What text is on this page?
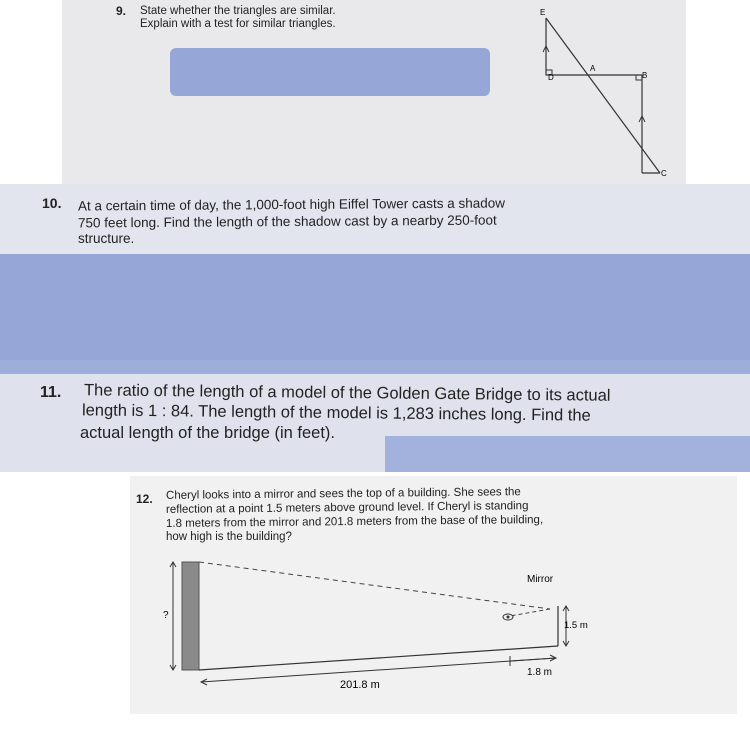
9. State whether the triangles are similar.
Explain with a test for similar triangles.
E
A
B
D
C
10. At a certain time of day, the 1,000-foot high Eiffel Tower casts a shadow
750 feet long. Find the length of the shadow cast by a nearby 250-foot
structure.
11. The ratio of the length of a model of the Golden Gate Bridge to its actual
length is 1 : 84. The length of the model is 1,283 inches long. Find the
actual length of the bridge (in feet).
12. Cheryl looks into a mirror and sees the top of a building. She sees the
reflection at a point 1.5 meters above ground level. If Cheryl is standing
1.8 meters from the mirror and 201.8 meters from the base of the building,
how high is the building?
?
Mirror
1.5 m
1.8 m
201.8 m
